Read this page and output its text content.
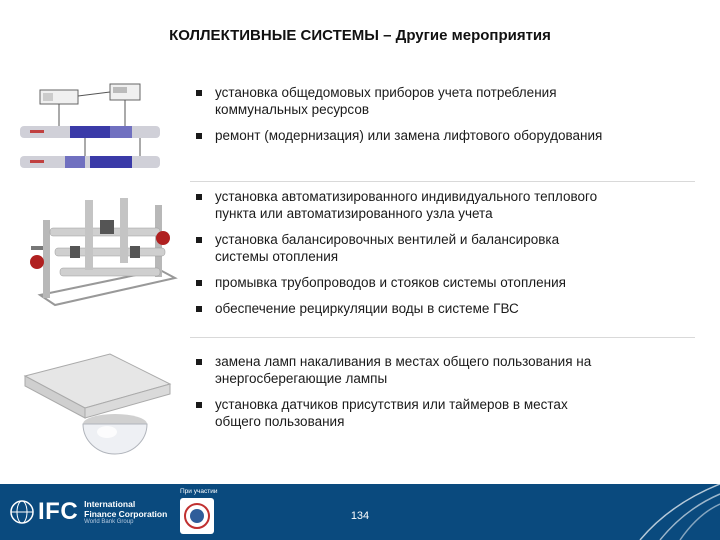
КОЛЛЕКТИВНЫЕ СИСТЕМЫ – Другие мероприятия
установка общедомовых приборов учета потребления
коммунальных ресурсов
ремонт (модернизация) или замена лифтового оборудования
установка автоматизированного индивидуального теплового
пункта или автоматизированного узла учета
установка балансировочных вентилей и балансировка
системы отопления
промывка трубопроводов и стояков системы отопления
обеспечение рециркуляции воды в системе ГВС
замена ламп накаливания в местах общего пользования на
энергосберегающие лампы
установка датчиков присутствия или таймеров в местах
общего пользования
IFC International
Finance Corporation
World Bank Group
При участии
134
